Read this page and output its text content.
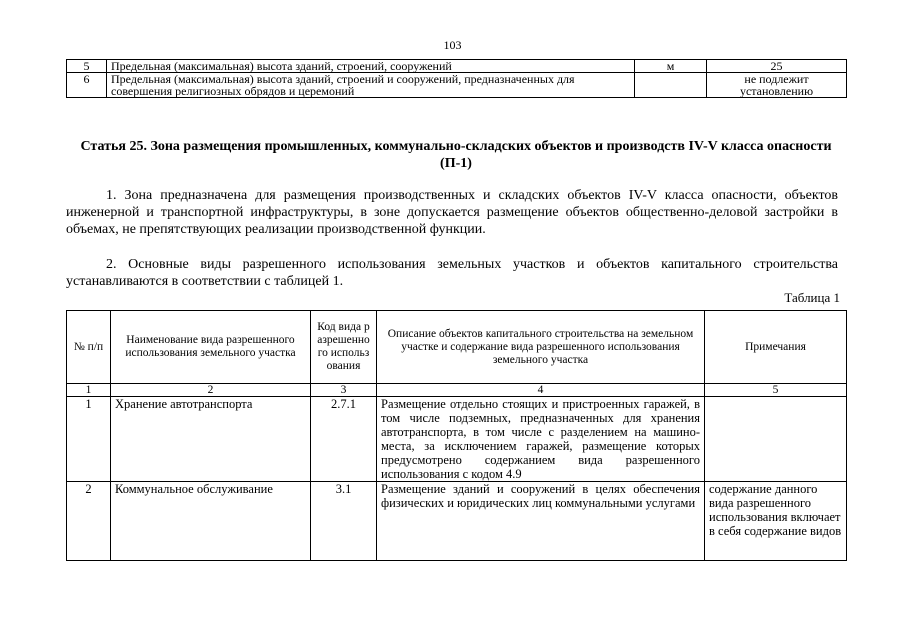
103
5	Предельная (максимальная) высота зданий, строений, сооружений	м	25
6	Предельная (максимальная) высота зданий, строений и сооружений, предназначенных для совершения религиозных обрядов и церемоний		не подлежит установлению
Статья 25. Зона размещения промышленных, коммунально-складских объектов и производств IV-V класса опасности (П-1)
1. Зона предназначена для размещения производственных и складских объектов IV-V класса опасности, объектов инженерной и транспортной инфраструктуры, в зоне допускается размещение объектов общественно-деловой застройки в объемах, не препятствующих реализации производственной функции.
2. Основные виды разрешенного использования земельных участков и объектов капитального строительства устанавливаются в соответствии с таблицей 1.
Таблица 1
№ п/п	Наименование вида разрешенного использования земельного участка	Код вида разрешенного использования	Описание объектов капитального строительства на земельном участке и содержание вида разрешенного использования земельного участка	Примечания
1	2	3	4	5
1	Хранение автотранспорта	2.7.1	Размещение отдельно стоящих и пристроенных гаражей, в том числе подземных, предназначенных для хранения автотранспорта, в том числе с разделением на машино-места, за исключением гаражей, размещение которых предусмотрено содержанием вида разрешенного использования с кодом 4.9	
2	Коммунальное обслуживание	3.1	Размещение зданий и сооружений в целях обеспечения физических и юридических лиц коммунальными услугами	содержание данного вида разрешенного использования включает в себя содержание видов
